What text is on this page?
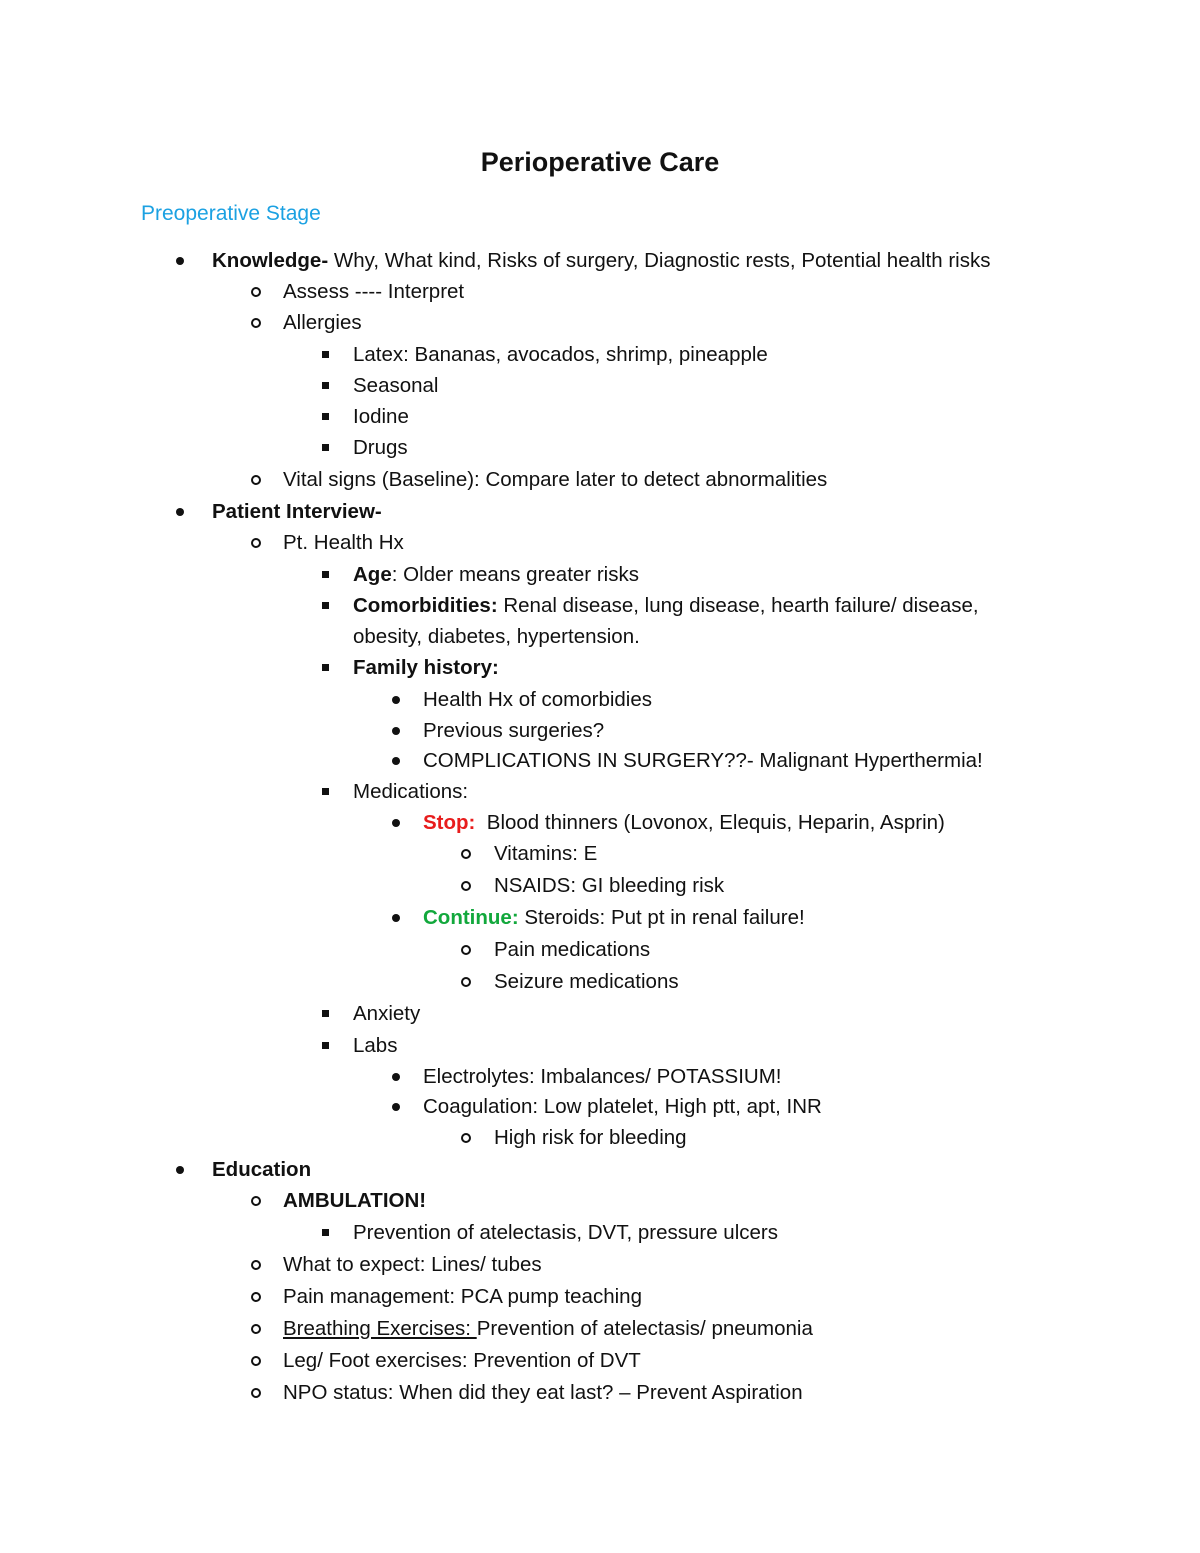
Perioperative Care
Preoperative Stage
Knowledge- Why, What kind, Risks of surgery, Diagnostic rests, Potential health risks
Assess ---- Interpret
Allergies
Latex: Bananas, avocados, shrimp, pineapple
Seasonal
Iodine
Drugs
Vital signs (Baseline): Compare later to detect abnormalities
Patient Interview-
Pt. Health Hx
Age: Older means greater risks
Comorbidities: Renal disease, lung disease, hearth failure/ disease,
obesity, diabetes, hypertension.
Family history:
Health Hx of comorbidies
Previous surgeries?
COMPLICATIONS IN SURGERY??- Malignant Hyperthermia!
Medications:
Stop:  Blood thinners (Lovonox, Elequis, Heparin, Asprin)
Vitamins: E
NSAIDS: GI bleeding risk
Continue: Steroids: Put pt in renal failure!
Pain medications
Seizure medications
Anxiety
Labs
Electrolytes: Imbalances/ POTASSIUM!
Coagulation: Low platelet, High ptt, apt, INR
High risk for bleeding
Education
AMBULATION!
Prevention of atelectasis, DVT, pressure ulcers
What to expect: Lines/ tubes
Pain management: PCA pump teaching
Breathing Exercises: Prevention of atelectasis/ pneumonia
Leg/ Foot exercises: Prevention of DVT
NPO status: When did they eat last? – Prevent Aspiration
